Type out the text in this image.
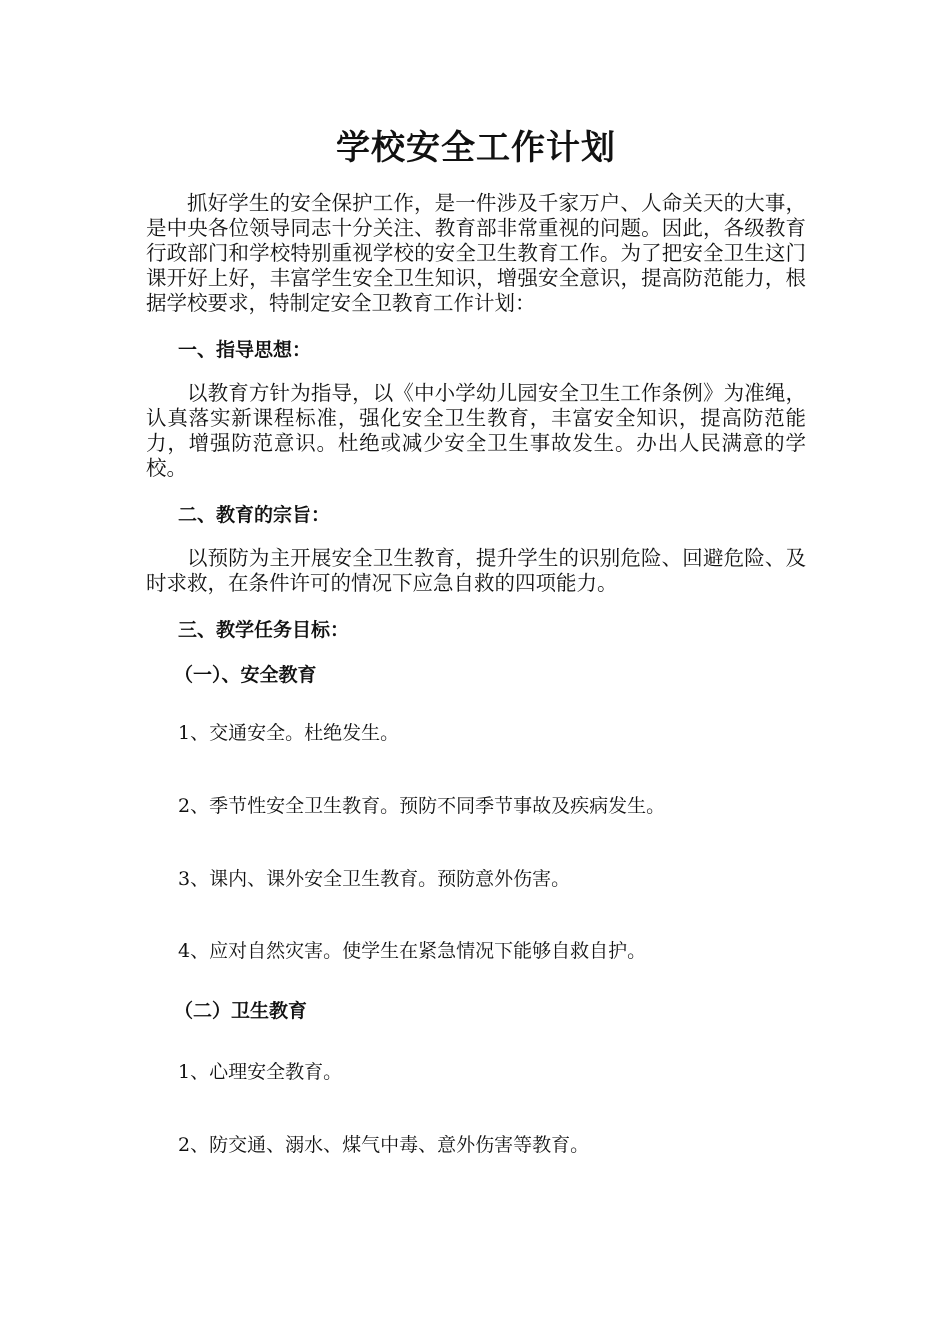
学校安全工作计划

抓好学生的安全保护工作，是一件涉及千家万户、人命关天的大事，是中央各位领导同志十分关注、教育部非常重视的问题。因此，各级教育行政部门和学校特别重视学校的安全卫生教育工作。为了把安全卫生这门课开好上好，丰富学生安全卫生知识，增强安全意识，提高防范能力，根据学校要求，特制定安全卫教育工作计划：

一、指导思想：

以教育方针为指导，以《中小学幼儿园安全卫生工作条例》为准绳，认真落实新课程标准，强化安全卫生教育，丰富安全知识，提高防范能力，增强防范意识。杜绝或减少安全卫生事故发生。办出人民满意的学校。

二、教育的宗旨：

以预防为主开展安全卫生教育，提升学生的识别危险、回避危险、及时求救，在条件许可的情况下应急自救的四项能力。

三、教学任务目标：

（一）、安全教育

1、交通安全。杜绝发生。

2、季节性安全卫生教育。预防不同季节事故及疾病发生。

3、课内、课外安全卫生教育。预防意外伤害。

4、应对自然灾害。使学生在紧急情况下能够自救自护。

（二）卫生教育

1、心理安全教育。

2、防交通、溺水、煤气中毒、意外伤害等教育。
